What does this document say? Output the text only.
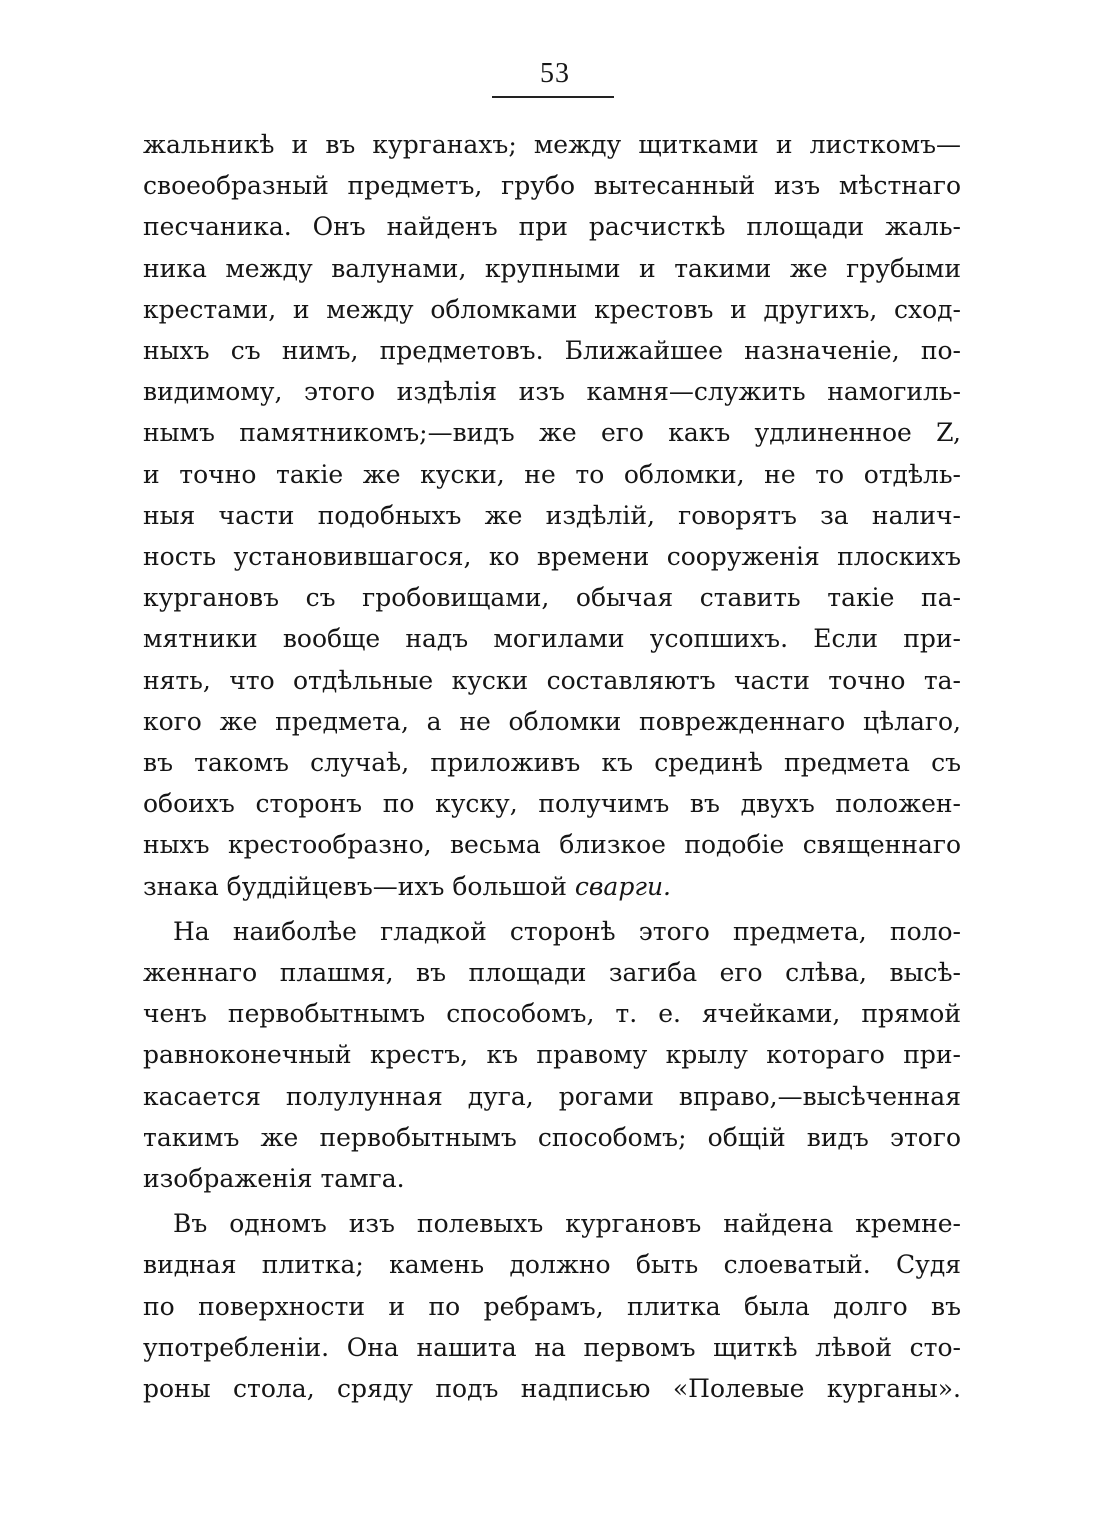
53
жальникѣ и въ курганахъ; между щитками и листкомъ—
своеобразный предметъ, грубо вытесанный изъ мѣстнаго
песчаника. Онъ найденъ при расчисткѣ площади жаль-
ника между валунами, крупными и такими же грубыми
крестами, и между обломками крестовъ и другихъ, сход-
ныхъ съ нимъ, предметовъ. Ближайшее назначеніе, по-
видимому, этого издѣлія изъ камня—служить намогиль-
нымъ памятникомъ;—видъ же его какъ удлиненное Z,
и точно такіе же куски, не то обломки, не то отдѣль-
ныя части подобныхъ же издѣлій, говорятъ за налич-
ность установившагося, ко времени сооруженія плоскихъ
кургановъ съ гробовищами, обычая ставить такіе па-
мятники вообще надъ могилами усопшихъ. Если при-
нять, что отдѣльные куски составляютъ части точно та-
кого же предмета, а не обломки поврежденнаго цѣлаго,
въ такомъ случаѣ, приложивъ къ срединѣ предмета съ
обоихъ сторонъ по куску, получимъ въ двухъ положен-
ныхъ крестообразно, весьма близкое подобіе священнаго
знака буддійцевъ—ихъ большой сварги.
На наиболѣе гладкой сторонѣ этого предмета, поло-
женнаго плашмя, въ площади загиба его слѣва, высѣ-
ченъ первобытнымъ способомъ, т. е. ячейками, прямой
равноконечный крестъ, къ правому крылу котораго при-
касается полулунная дуга, рогами вправо,—высѣченная
такимъ же первобытнымъ способомъ; общій видъ этого
изображенія тамга.
Въ одномъ изъ полевыхъ кургановъ найдена кремне-
видная плитка; камень должно быть слоеватый. Судя
по поверхности и по ребрамъ, плитка была долго въ
употребленіи. Она нашита на первомъ щиткѣ лѣвой сто-
роны стола, сряду подъ надписью «Полевые курганы».
